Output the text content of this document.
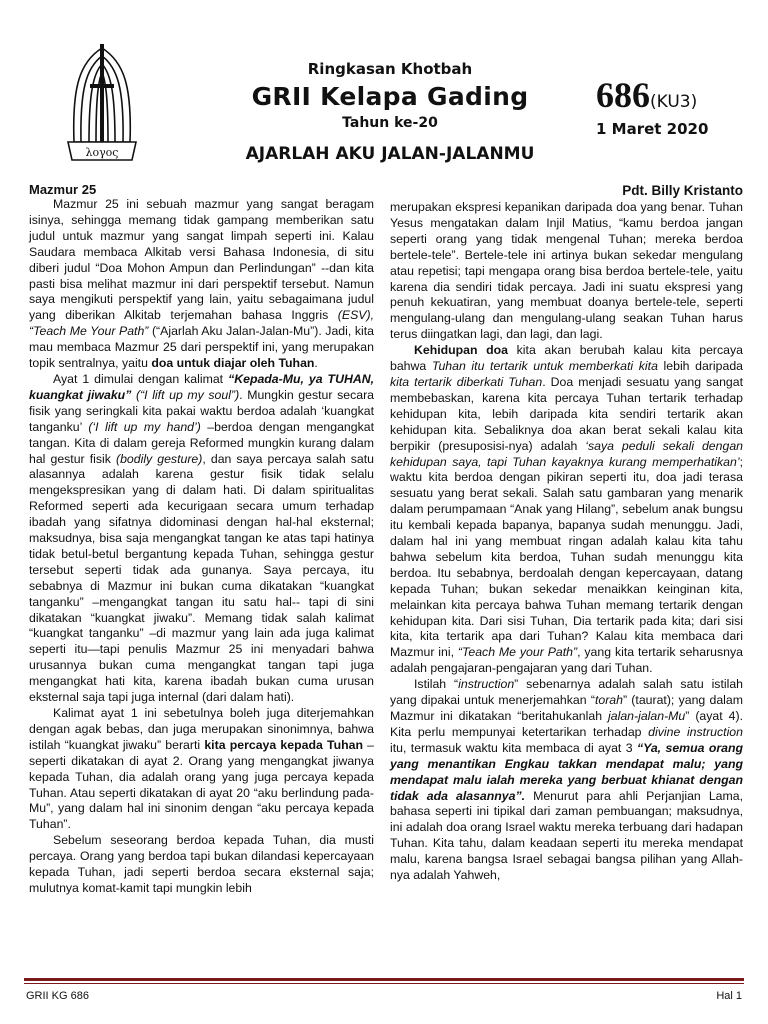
λογος
Ringkasan Khotbah
GRII Kelapa Gading
Tahun ke-20
AJARLAH AKU JALAN-JALANMU
686(KU3)
1 Maret 2020
Mazmur 25

Mazmur 25 ini sebuah mazmur yang sangat beragam isinya, sehingga memang tidak gampang memberikan satu judul untuk mazmur yang sangat limpah seperti ini. Kalau Saudara membaca Alkitab versi Bahasa Indonesia, di situ diberi judul “Doa Mohon Ampun dan Perlindungan” --dan kita pasti bisa melihat mazmur ini dari perspektif tersebut. Namun saya mengikuti perspektif yang lain, yaitu sebagaimana judul yang diberikan Alkitab terjemahan bahasa Inggris (ESV), “Teach Me Your Path” (“Ajarlah Aku Jalan-Jalan-Mu”). Jadi, kita mau membaca Mazmur 25 dari perspektif ini, yang merupakan topik sentralnya, yaitu doa untuk diajar oleh Tuhan.

Ayat 1 dimulai dengan kalimat “Kepada-Mu, ya TUHAN, kuangkat jiwaku” (“I lift up my soul”). Mungkin gestur secara fisik yang seringkali kita pakai waktu berdoa adalah ‘kuangkat tanganku’ (‘I lift up my hand’) –berdoa dengan mengangkat tangan. Kita di dalam gereja Reformed mungkin kurang dalam hal gestur fisik (bodily gesture), dan saya percaya salah satu alasannya adalah karena gestur fisik tidak selalu mengekspresikan yang di dalam hati. Di dalam spiritualitas Reformed seperti ada kecurigaan secara umum terhadap ibadah yang sifatnya didominasi dengan hal-hal eksternal; maksudnya, bisa saja mengangkat tangan ke atas tapi hatinya tidak betul-betul bergantung kepada Tuhan, sehingga gestur tersebut seperti tidak ada gunanya. Saya percaya, itu sebabnya di Mazmur ini bukan cuma dikatakan “kuangkat tanganku” –mengangkat tangan itu satu hal-- tapi di sini dikatakan “kuangkat jiwaku”. Memang tidak salah kalimat “kuangkat tanganku” –di mazmur yang lain ada juga kalimat seperti itu—tapi penulis Mazmur 25 ini menyadari bahwa urusannya bukan cuma mengangkat tangan tapi juga mengangkat hati kita, karena ibadah bukan cuma urusan eksternal saja tapi juga internal (dari dalam hati).

Kalimat ayat 1 ini sebetulnya boleh juga diterjemahkan dengan agak bebas, dan juga merupakan sinonimnya, bahwa istilah “kuangkat jiwaku” berarti kita percaya kepada Tuhan –seperti dikatakan di ayat 2. Orang yang mengangkat jiwanya kepada Tuhan, dia adalah orang yang juga percaya kepada Tuhan. Atau seperti dikatakan di ayat 20 “aku berlindung pada-Mu”, yang dalam hal ini sinonim dengan “aku percaya kepada Tuhan”.

Sebelum seseorang berdoa kepada Tuhan, dia musti percaya. Orang yang berdoa tapi bukan dilandasi kepercayaan kepada Tuhan, jadi seperti berdoa secara eksternal saja; mulutnya komat-kamit tapi mungkin lebih

Pdt. Billy Kristanto

merupakan ekspresi kepanikan daripada doa yang benar. Tuhan Yesus mengatakan dalam Injil Matius, “kamu berdoa jangan seperti orang yang tidak mengenal Tuhan; mereka berdoa bertele-tele”. Bertele-tele ini artinya bukan sekedar mengulang atau repetisi; tapi mengapa orang bisa berdoa bertele-tele, yaitu karena dia sendiri tidak percaya. Jadi ini suatu ekspresi yang penuh kekuatiran, yang membuat doanya bertele-tele, seperti mengulang-ulang dan mengulang-ulang seakan Tuhan harus terus diingatkan lagi, dan lagi, dan lagi.

Kehidupan doa kita akan berubah kalau kita percaya bahwa Tuhan itu tertarik untuk memberkati kita lebih daripada kita tertarik diberkati Tuhan. Doa menjadi sesuatu yang sangat membebaskan, karena kita percaya Tuhan tertarik terhadap kehidupan kita, lebih daripada kita sendiri tertarik akan kehidupan kita. Sebaliknya doa akan berat sekali kalau kita berpikir (presuposisi-nya) adalah ‘saya peduli sekali dengan kehidupan saya, tapi Tuhan kayaknya kurang memperhatikan’; waktu kita berdoa dengan pikiran seperti itu, doa jadi terasa sesuatu yang berat sekali. Salah satu gambaran yang menarik dalam perumpamaan “Anak yang Hilang”, sebelum anak bungsu itu kembali kepada bapanya, bapanya sudah menunggu. Jadi, dalam hal ini yang membuat ringan adalah kalau kita tahu bahwa sebelum kita berdoa, Tuhan sudah menunggu kita berdoa. Itu sebabnya, berdoalah dengan kepercayaan, datang kepada Tuhan; bukan sekedar menaikkan keinginan kita, melainkan kita percaya bahwa Tuhan memang tertarik dengan kehidupan kita. Dari sisi Tuhan, Dia tertarik pada kita; dari sisi kita, kita tertarik apa dari Tuhan? Kalau kita membaca dari Mazmur ini, “Teach Me your Path”, yang kita tertarik seharusnya adalah pengajaran-pengajaran yang dari Tuhan.

Istilah “instruction” sebenarnya adalah salah satu istilah yang dipakai untuk menerjemahkan “torah” (taurat); yang dalam Mazmur ini dikatakan “beritahukanlah jalan-jalan-Mu” (ayat 4). Kita perlu mempunyai ketertarikan terhadap divine instruction itu, termasuk waktu kita membaca di ayat 3 “Ya, semua orang yang menantikan Engkau takkan mendapat malu; yang mendapat malu ialah mereka yang berbuat khianat dengan tidak ada alasannya”. Menurut para ahli Perjanjian Lama, bahasa seperti ini tipikal dari zaman pembuangan; maksudnya, ini adalah doa orang Israel waktu mereka terbuang dari hadapan Tuhan. Kita tahu, dalam keadaan seperti itu mereka mendapat malu, karena bangsa Israel sebagai bangsa pilihan yang Allah-nya adalah Yahweh,

GRII KG 686	Hal 1
